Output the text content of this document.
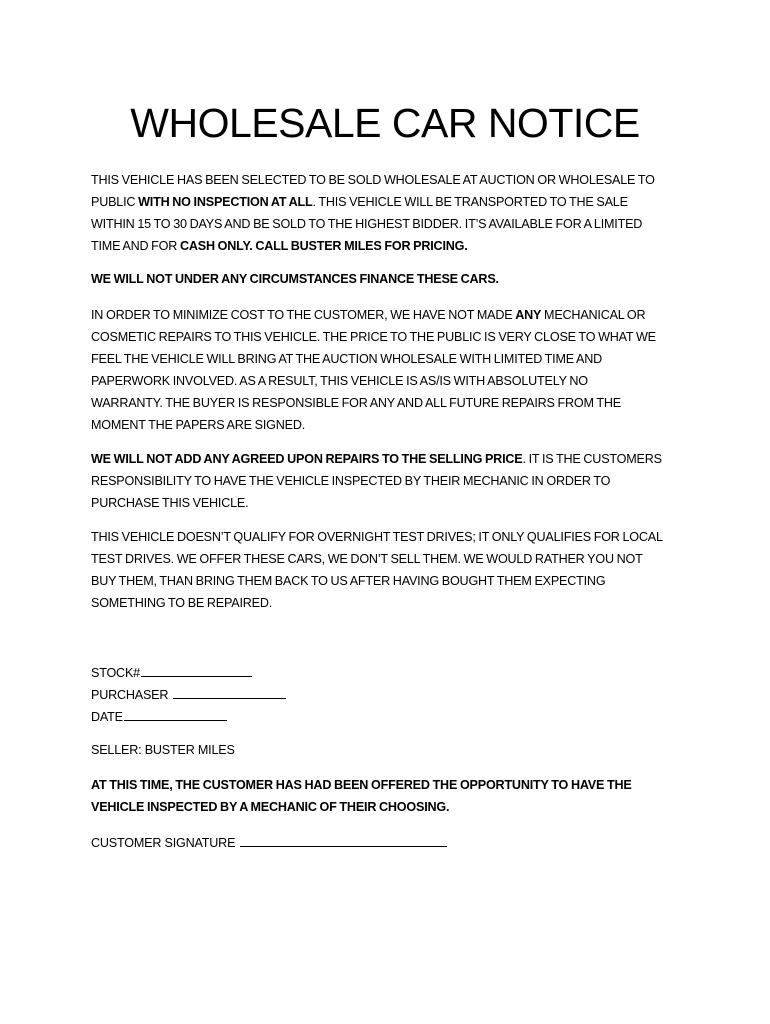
WHOLESALE CAR NOTICE
THIS VEHICLE HAS BEEN SELECTED TO BE SOLD WHOLESALE AT AUCTION OR WHOLESALE TO
PUBLIC WITH NO INSPECTION AT ALL. THIS VEHICLE WILL BE TRANSPORTED TO THE SALE
WITHIN 15 TO 30 DAYS AND BE SOLD TO THE HIGHEST BIDDER. IT’S AVAILABLE FOR A LIMITED
TIME AND FOR CASH ONLY. CALL BUSTER MILES FOR PRICING.
WE WILL NOT UNDER ANY CIRCUMSTANCES FINANCE THESE CARS.
IN ORDER TO MINIMIZE COST TO THE CUSTOMER, WE HAVE NOT MADE ANY MECHANICAL OR
COSMETIC REPAIRS TO THIS VEHICLE. THE PRICE TO THE PUBLIC IS VERY CLOSE TO WHAT WE
FEEL THE VEHICLE WILL BRING AT THE AUCTION WHOLESALE WITH LIMITED TIME AND
PAPERWORK INVOLVED. AS A RESULT, THIS VEHICLE IS AS/IS WITH ABSOLUTELY NO
WARRANTY. THE BUYER IS RESPONSIBLE FOR ANY AND ALL FUTURE REPAIRS FROM THE
MOMENT THE PAPERS ARE SIGNED.
WE WILL NOT ADD ANY AGREED UPON REPAIRS TO THE SELLING PRICE. IT IS THE CUSTOMERS
RESPONSIBILITY TO HAVE THE VEHICLE INSPECTED BY THEIR MECHANIC IN ORDER TO
PURCHASE THIS VEHICLE.
THIS VEHICLE DOESN’T QUALIFY FOR OVERNIGHT TEST DRIVES; IT ONLY QUALIFIES FOR LOCAL
TEST DRIVES. WE OFFER THESE CARS, WE DON’T SELL THEM. WE WOULD RATHER YOU NOT
BUY THEM, THAN BRING THEM BACK TO US AFTER HAVING BOUGHT THEM EXPECTING
SOMETHING TO BE REPAIRED.
STOCK#
PURCHASER
DATE
SELLER: BUSTER MILES
AT THIS TIME, THE CUSTOMER HAS HAD BEEN OFFERED THE OPPORTUNITY TO HAVE THE
VEHICLE INSPECTED BY A MECHANIC OF THEIR CHOOSING.
CUSTOMER SIGNATURE
